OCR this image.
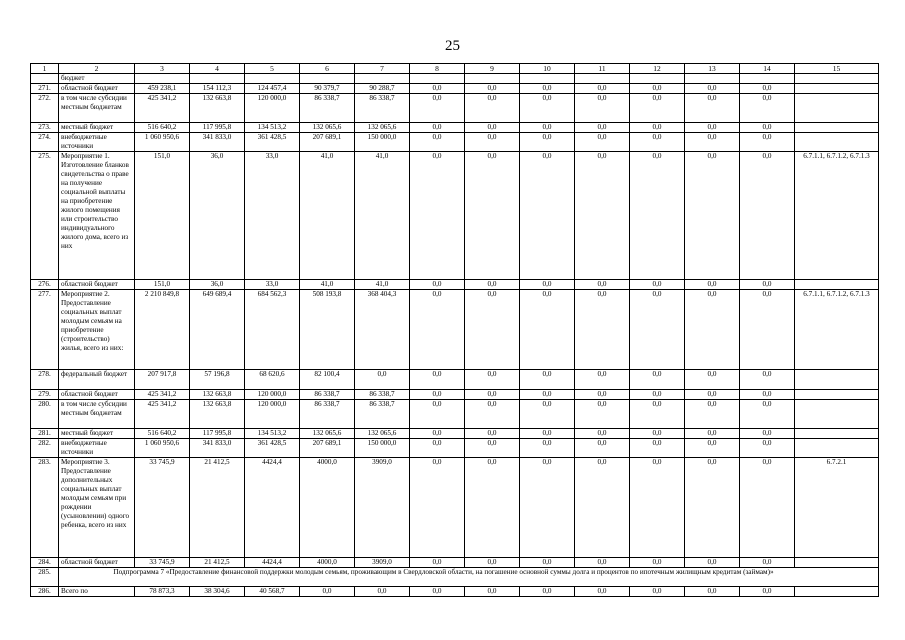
25
1	2	3	4	5	6	7	8	9	10	11	12	13	14	15
	бюджет													
271.	областной бюджет	459 238,1	154 112,3	124 457,4	90 379,7	90 288,7	0,0	0,0	0,0	0,0	0,0	0,0	0,0	
272.	в том числе субсидии местным бюджетам	425 341,2	132 663,8	120 000,0	86 338,7	86 338,7	0,0	0,0	0,0	0,0	0,0	0,0	0,0	
273.	местный бюджет	516 640,2	117 995,8	134 513,2	132 065,6	132 065,6	0,0	0,0	0,0	0,0	0,0	0,0	0,0	
274.	внебюджетные источники	1 060 950,6	341 833,0	361 428,5	207 689,1	150 000,0	0,0	0,0	0,0	0,0	0,0	0,0	0,0	
275.	Мероприятие 1. Изготовление бланков свидетельства о праве на получение социальной выплаты на приобретение жилого помещения или строительство индивидуального жилого дома, всего из них	151,0	36,0	33,0	41,0	41,0	0,0	0,0	0,0	0,0	0,0	0,0	0,0	6.7.1.1, 6.7.1.2, 6.7.1.3
276.	областной бюджет	151,0	36,0	33,0	41,0	41,0	0,0	0,0	0,0	0,0	0,0	0,0	0,0	
277.	Мероприятие 2. Предоставление социальных выплат молодым семьям на приобретение (строительство) жилья, всего из них:	2 210 849,8	649 689,4	684 562,3	508 193,8	368 404,3	0,0	0,0	0,0	0,0	0,0	0,0	0,0	6.7.1.1, 6.7.1.2, 6.7.1.3
278.	федеральный бюджет	207 917,8	57 196,8	68 620,6	82 100,4	0,0	0,0	0,0	0,0	0,0	0,0	0,0	0,0	
279.	областной бюджет	425 341,2	132 663,8	120 000,0	86 338,7	86 338,7	0,0	0,0	0,0	0,0	0,0	0,0	0,0	
280.	в том числе субсидии местным бюджетам	425 341,2	132 663,8	120 000,0	86 338,7	86 338,7	0,0	0,0	0,0	0,0	0,0	0,0	0,0	
281.	местный бюджет	516 640,2	117 995,8	134 513,2	132 065,6	132 065,6	0,0	0,0	0,0	0,0	0,0	0,0	0,0	
282.	внебюджетные источники	1 060 950,6	341 833,0	361 428,5	207 689,1	150 000,0	0,0	0,0	0,0	0,0	0,0	0,0	0,0	
283.	Мероприятие 3. Предоставление дополнительных социальных выплат молодым семьям при рождении (усыновлении) одного ребенка, всего из них	33 745,9	21 412,5	4424,4	4000,0	3909,0	0,0	0,0	0,0	0,0	0,0	0,0	0,0	6.7.2.1
284.	областной бюджет	33 745,9	21 412,5	4424,4	4000,0	3909,0	0,0	0,0	0,0	0,0	0,0	0,0	0,0	
285.	Подпрограмма 7 «Предоставление финансовой поддержки молодым семьям, проживающим в Свердловской области, на погашение основной суммы долга и процентов по ипотечным жилищным кредитам (займам)»													
286.	Всего по	78 873,3	38 304,6	40 568,7	0,0	0,0	0,0	0,0	0,0	0,0	0,0	0,0	0,0	
